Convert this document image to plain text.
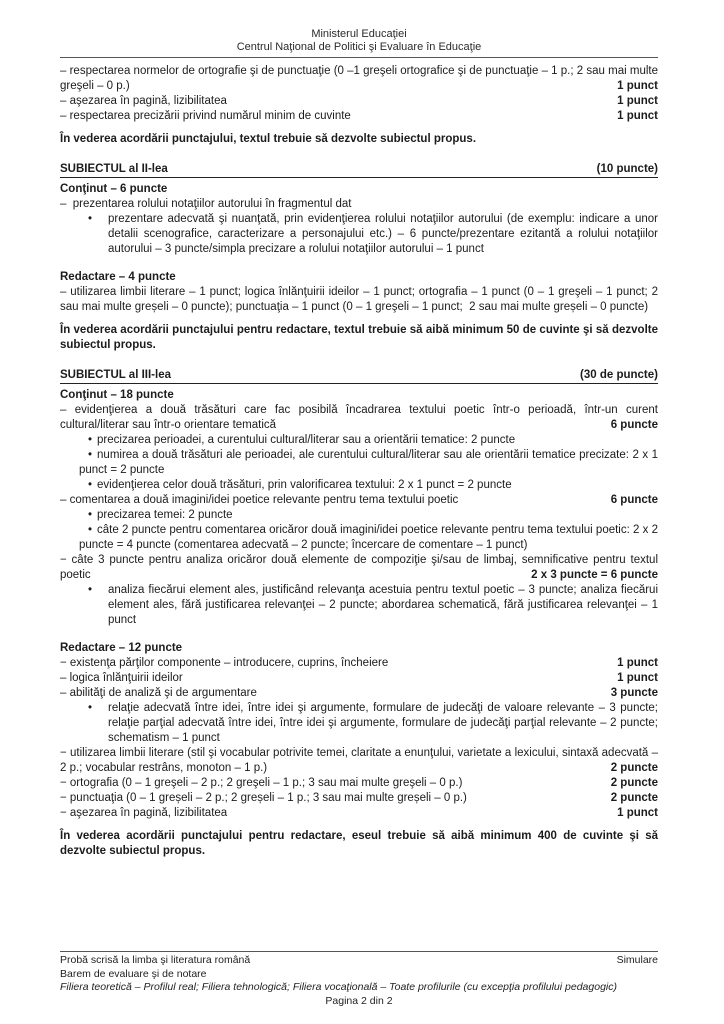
Ministerul Educaţiei
Centrul Naţional de Politici şi Evaluare în Educaţie

– respectarea normelor de ortografie şi de punctuaţie (0 –1 greşeli ortografice şi de punctuaţie – 1 p.; 2 sau mai multe greşeli – 0 p.)	1 punct

– aşezarea în pagină, lizibilitatea	1 punct

– respectarea precizării privind numărul minim de cuvinte	1 punct

În vederea acordării punctajului, textul trebuie să dezvolte subiectul propus.

SUBIECTUL al II-lea	(10 puncte)

Conţinut – 6 puncte

–  prezentarea rolului notaţiilor autorului în fragmentul dat

• prezentare adecvată şi nuanţată, prin evidenţierea rolului notaţiilor autorului (de exemplu: indicare a unor detalii scenografice, caracterizare a personajului etc.) – 6 puncte/prezentare ezitantă a rolului notaţiilor autorului – 3 puncte/simpla precizare a rolului notaţiilor autorului – 1 punct

Redactare – 4 puncte

– utilizarea limbii literare – 1 punct; logica înlănţuirii ideilor – 1 punct; ortografia – 1 punct (0 – 1 greşeli – 1 punct; 2 sau mai multe greșeli – 0 puncte); punctuaţia – 1 punct (0 – 1 greşeli – 1 punct;  2 sau mai multe greșeli – 0 puncte)

În vederea acordării punctajului pentru redactare, textul trebuie să aibă minimum 50 de cuvinte şi să dezvolte subiectul propus.

SUBIECTUL al III-lea	(30 de puncte)

Conţinut – 18 puncte

– evidenţierea a două trăsături care fac posibilă încadrarea textului poetic într-o perioadă, într-un curent cultural/literar sau într-o orientare tematică	6 puncte

• precizarea perioadei, a curentului cultural/literar sau a orientării tematice: 2 puncte

• numirea a două trăsături ale perioadei, ale curentului cultural/literar sau ale orientării tematice precizate: 2 x 1 punct = 2 puncte

• evidenţierea celor două trăsături, prin valorificarea textului: 2 x 1 punct = 2 puncte

– comentarea a două imagini/idei poetice relevante pentru tema textului poetic	6 puncte

• precizarea temei: 2 puncte

• câte 2 puncte pentru comentarea oricăror două imagini/idei poetice relevante pentru tema textului poetic: 2 x 2 puncte = 4 puncte (comentarea adecvată – 2 puncte; încercare de comentare – 1 punct)

− câte 3 puncte pentru analiza oricăror două elemente de compoziţie şi/sau de limbaj, semnificative pentru textul poetic	2 x 3 puncte = 6 puncte

• analiza fiecărui element ales, justificând relevanţa acestuia pentru textul poetic – 3 puncte; analiza fiecărui element ales, fără justificarea relevanţei – 2 puncte; abordarea schematică, fără justificarea relevanţei – 1 punct

Redactare – 12 puncte

− existenţa părţilor componente – introducere, cuprins, încheiere	1 punct

– logica înlănţuirii ideilor	1 punct

– abilităţi de analiză şi de argumentare	3 puncte

• relaţie adecvată între idei, între idei şi argumente, formulare de judecăţi de valoare relevante – 3 puncte; relaţie parţial adecvată între idei, între idei şi argumente, formulare de judecăţi parţial relevante – 2 puncte; schematism – 1 punct

− utilizarea limbii literare (stil şi vocabular potrivite temei, claritate a enunţului, varietate a lexicului, sintaxă adecvată – 2 p.; vocabular restrâns, monoton – 1 p.)	2 puncte

− ortografia (0 – 1 greşeli – 2 p.; 2 greşeli – 1 p.; 3 sau mai multe greşeli – 0 p.)	2 puncte

− punctuaţia (0 – 1 greșeli – 2 p.; 2 greșeli – 1 p.; 3 sau mai multe greșeli – 0 p.)	2 puncte

− aşezarea în pagină, lizibilitatea	1 punct

În vederea acordării punctajului pentru redactare, eseul trebuie să aibă minimum 400 de cuvinte şi să dezvolte subiectul propus.

Probă scrisă la limba şi literatura română	Simulare
Barem de evaluare şi de notare
Filiera teoretică – Profilul real; Filiera tehnologică; Filiera vocaţională – Toate profilurile (cu excepţia profilului pedagogic)
Pagina 2 din 2
